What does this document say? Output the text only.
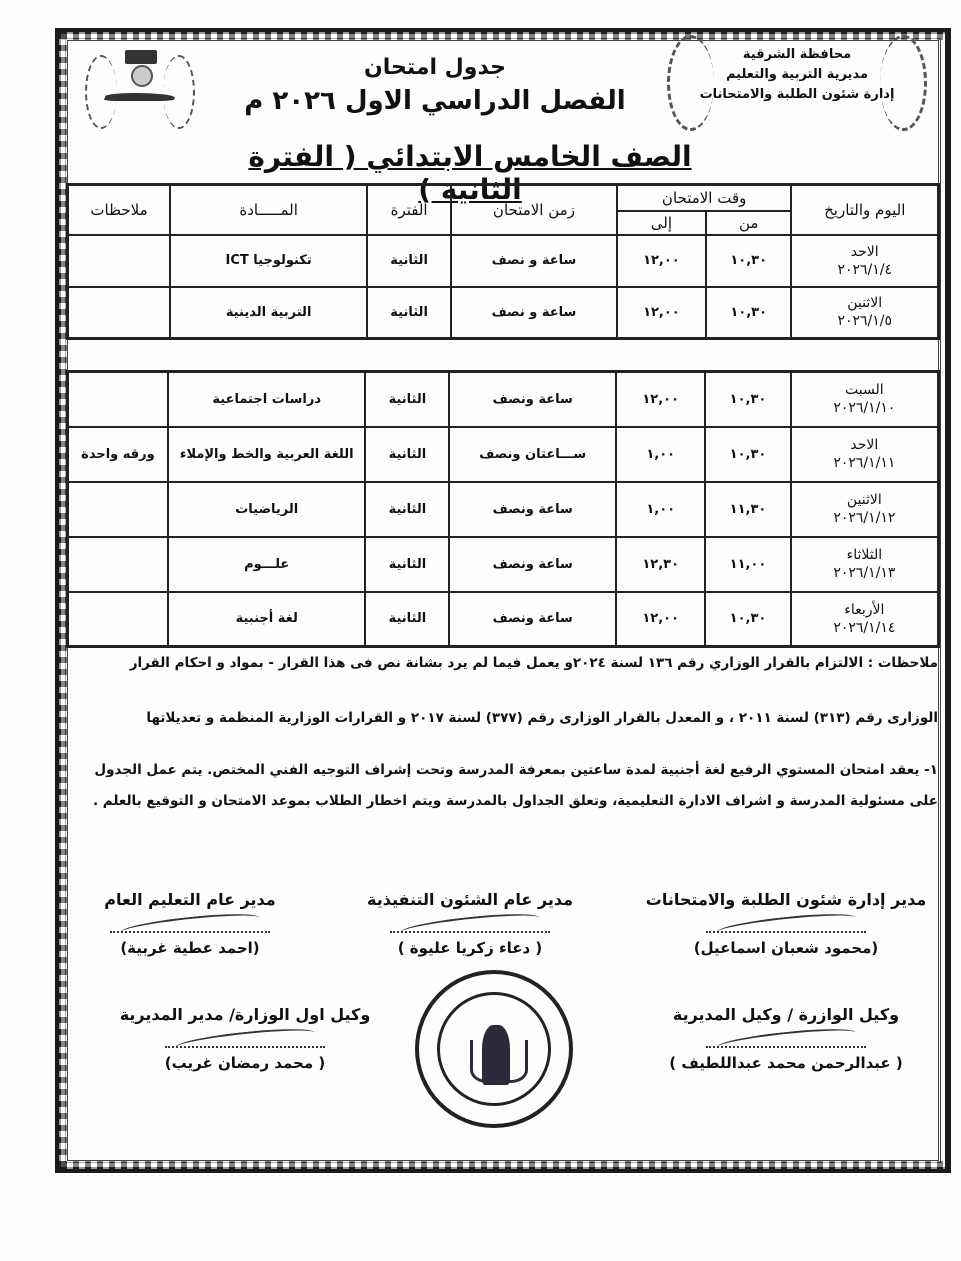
محافظة الشرقية
مديرية التربية والتعليم
إدارة شئون الطلبة والامتحانات
جدول امتحان
الفصل الدراسي الاول ٢٠٢٦ م
الصف الخامس الابتدائي ( الفترة الثانية )
اليوم والتاريخ	وقت الامتحان		زمن الامتحان	الفترة	المـــــادة	ملاحظات
	من	إلى				

الاحد
٢٠٢٦/١/٤	١٠,٣٠	١٢,٠٠	ساعة و نصف	الثانية	تكنولوجيا ICT	

الاثنين
٢٠٢٦/١/٥	١٠,٣٠	١٢,٠٠	ساعة و نصف	الثانية	التربية الدينية	
السبت
٢٠٢٦/١/١٠	١٠,٣٠	١٢,٠٠	ساعة ونصف	الثانية	دراسات اجتماعية	

الاحد
٢٠٢٦/١/١١	١٠,٣٠	١,٠٠	ســـاعتان ونصف	الثانية	اللغة العربية والخط والإملاء	ورقه واحدة

الاثنين
٢٠٢٦/١/١٢	١١,٣٠	١,٠٠	ساعة ونصف	الثانية	الرياضيات	

الثلاثاء
٢٠٢٦/١/١٣	١١,٠٠	١٢,٣٠	ساعة ونصف	الثانية	علـــوم	

الأربعاء
٢٠٢٦/١/١٤	١٠,٣٠	١٢,٠٠	ساعة ونصف	الثانية	لغة أجنبية	
ملاحظات : الالتزام بالقرار الوزاري رقم ١٣٦ لسنة ٢٠٢٤و يعمل فيما لم يرد بشانة نص فى هذا القرار - بمواد و احكام القرار
الوزارى رقم (٣١٣) لسنة ٢٠١١ ، و المعدل بالقرار الوزارى رقم (٣٧٧) لسنة ٢٠١٧ و القرارات الوزارية المنظمة و تعديلاتها
١- يعقد امتحان المستوي الرفيع لغة أجنبية لمدة ساعتين بمعرفة المدرسة وتحت إشراف التوجيه الفني المختص. يتم عمل الجدول على مسئولية المدرسة و اشراف الادارة التعليمية، وتعلق الجداول بالمدرسة ويتم اخطار الطلاب بموعد الامتحان و التوقيع بالعلم .
مدير إدارة شئون الطلبة والامتحانات
(محمود شعبان اسماعيل)
مدير عام الشئون التنفيذية
( دعاء زكريا عليوة )
مدير عام التعليم العام
(احمد عطية غربية)
وكيل الوازرة / وكيل المديرية
( عبدالرحمن محمد عبداللطيف )
وكيل اول الوزارة/ مدير المديرية
( محمد رمضان غريب)
